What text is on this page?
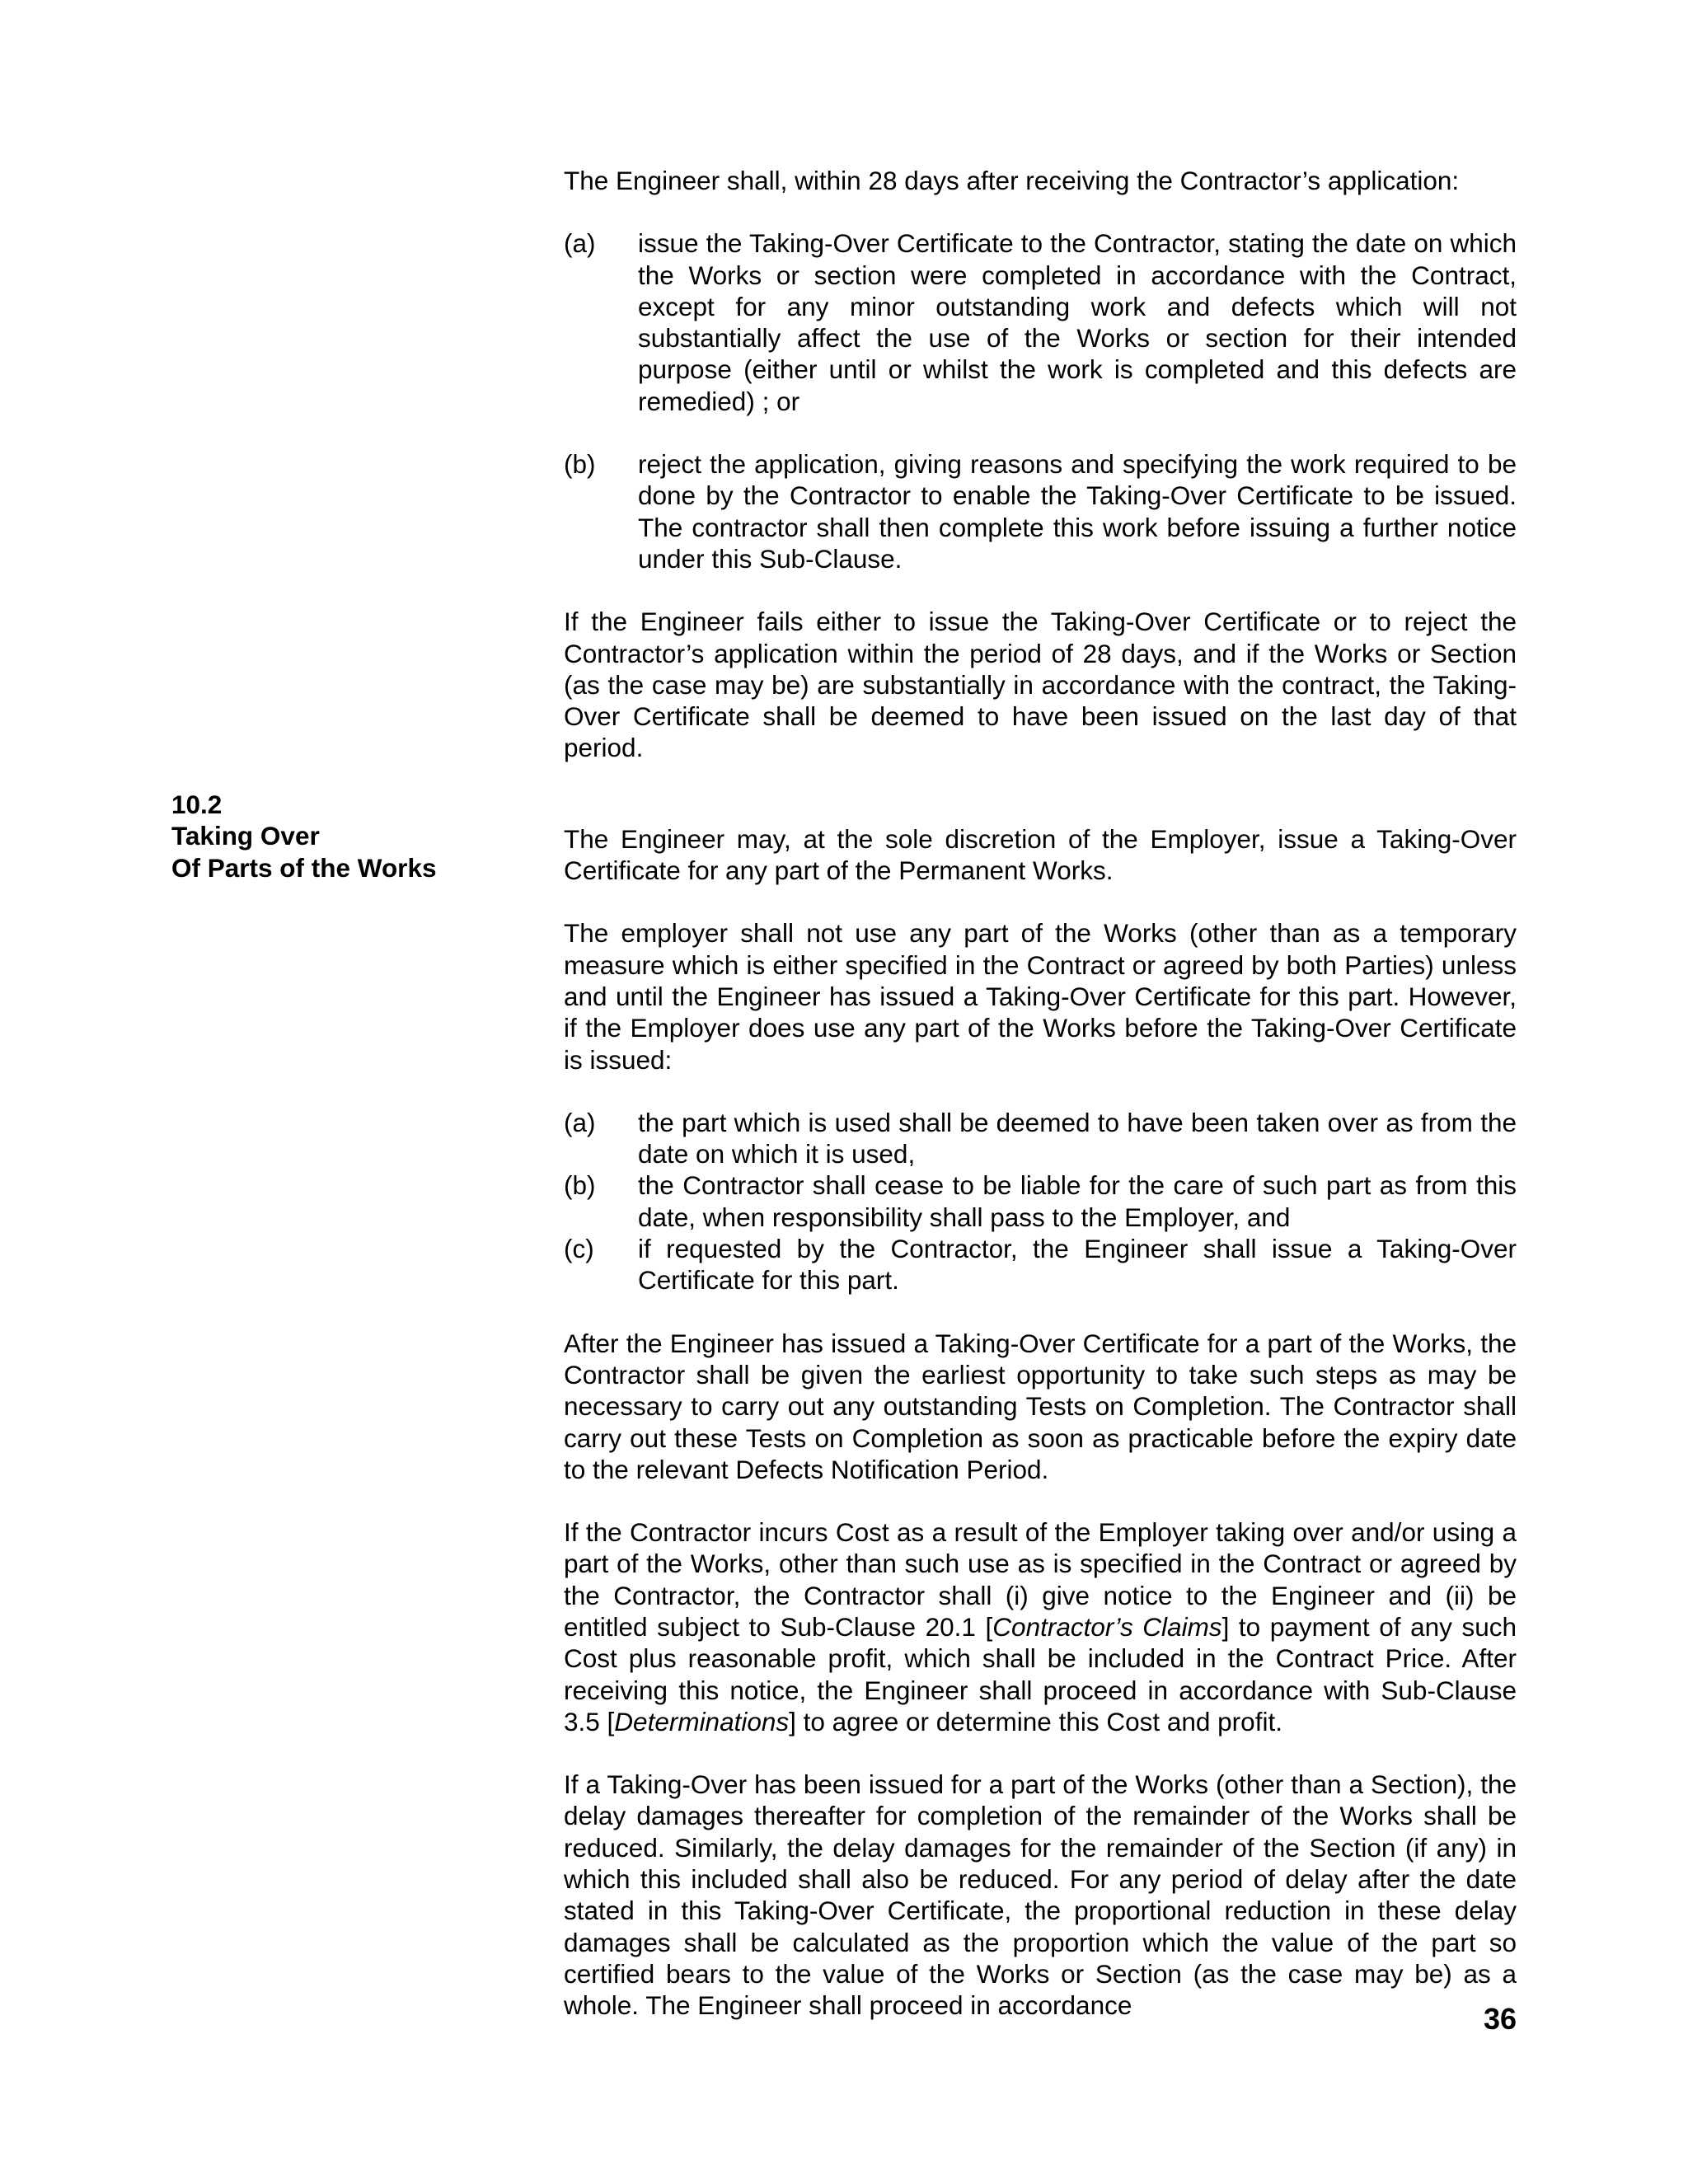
10.2
Taking Over
Of Parts of the Works

The Engineer shall, within 28 days after receiving the Contractor’s application:

(a)	issue the Taking-Over Certificate to the Contractor, stating the date on which the Works or section were completed in accordance with the Contract, except for any minor outstanding work and defects which will not substantially affect the use of the Works or section for their intended purpose (either until or whilst the work is completed and this defects are remedied) ; or
(b)	reject the application, giving reasons and specifying the work required to be done by the Contractor to enable the Taking-Over Certificate to be issued. The contractor shall then complete this work before issuing a further notice under this Sub-Clause.

If the Engineer fails either to issue the Taking-Over Certificate or to reject the Contractor’s application within the period of 28 days, and if the Works or Section (as the case may be) are substantially in accordance with the contract, the Taking-Over Certificate shall be deemed to have been issued on the last day of that period.

The Engineer may, at the sole discretion of the Employer, issue a Taking-Over Certificate for any part of the Permanent Works.

The employer shall not use any part of the Works (other than as a temporary measure which is either specified in the Contract or agreed by both Parties) unless and until the Engineer has issued a Taking-Over Certificate for this part. However, if the Employer does use any part of the Works before the Taking-Over Certificate is issued:

(a)	the part which is used shall be deemed to have been taken over as from the date on which it is used,
(b)	the Contractor shall cease to be liable for the care of such part as from this date, when responsibility shall pass to the Employer, and
(c)	if requested by the Contractor, the Engineer shall issue a Taking-Over Certificate for this part.

After the Engineer has issued a Taking-Over Certificate for a part of the Works, the Contractor shall be given the earliest opportunity to take such steps as may be necessary to carry out any outstanding Tests on Completion. The Contractor shall carry out these Tests on Completion as soon as practicable before the expiry date to the relevant Defects Notification Period.

If the Contractor incurs Cost as a result of the Employer taking over and/or using a part of the Works, other than such use as is specified in the Contract or agreed by the Contractor, the Contractor shall (i) give notice to the Engineer and (ii) be entitled subject to Sub-Clause 20.1 [Contractor’s Claims] to payment of any such Cost plus reasonable profit, which shall be included in the Contract Price. After receiving this notice, the Engineer shall proceed in accordance with Sub-Clause 3.5 [Determinations] to agree or determine this Cost and profit.

If a Taking-Over has been issued for a part of the Works (other than a Section), the delay damages thereafter for completion of the remainder of the Works shall be reduced. Similarly, the delay damages for the remainder of the Section (if any) in which this included shall also be reduced. For any period of delay after the date stated in this Taking-Over Certificate, the proportional reduction in these delay damages shall be calculated as the proportion which the value of the part so certified bears to the value of the Works or Section (as the case may be) as a whole. The Engineer shall proceed in accordance	36
